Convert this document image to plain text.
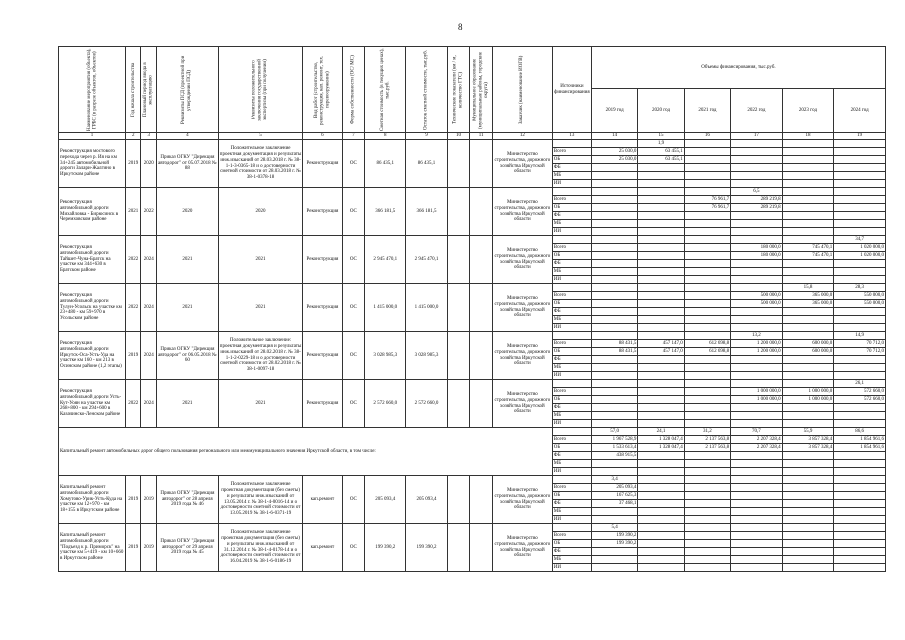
8
Наименование мероприятия (объекта), ГРБС (в разрезе объектов, объектов)	Год начала строительства	Плановый период ввода в эксплуатацию	Реквизиты ПСД (проектной при утверждении ПСД)	Реквизиты положительного заключения государственной экспертизы (при получении)	Вид работ (строительство, реконструкция, кап. ремонт, тех. перевооружение)	Форма собственности (ОС/ МС)	Сметная стоимость (в текущих ценах), тыс.руб.	Остаток сметной стоимости, тыс.руб.	Технические показатели (км / м, количество ГТС)	Муниципальное образование (муниципальные районы, городские округа)	Заказчик (наименование ИОГВ)	Источники финансирования	Объемы финансирования, тыс.руб.					
													2019 год	2020 год	2021 год	2022 год	2023 год	2024 год
1	2	3	4	5	6	7	8	9	10	11	12	13	14	15	16	17	18	19
Реконструкция мостового перехода через р. Ия на км 34+245 автомобильной дороги Залари-Жалгино в Иркутском районе	2019	2020	Приказ ОГКУ "Дирекция автодорог" от 05.07.2018 № 88	Положительное заключение проектная документация и результаты инж.изысканий от 28.03.2018 г. № 38-1-1-3-0365-18 и о достоверности сметной стоимости от 28.03.2018 г. № 38-1-0378-18	Реконструкция	ОС	86 435,1	86 435,1			Министерство строительства, дорожного хозяйства Иркутской области			1,9				
												Всего	25 030,0	63 455,1				
												ОБ	25 030,0	63 455,1				
												ФБ						
												МБ						
												ИИ						
Реконструкция автомобильной дороги Михайловка - Бирюсинск в Черемховском районе	2021	2022	2020	2020	Реконструкция	ОС	366 181,5	366 181,5			Министерство строительства, дорожного хозяйства Иркутской области					6,5		
												Всего			76 961,7	289 219,8		
												ОБ			76 961,7	289 219,8		
												ФБ						
												МБ						
												ИИ						
Реконструкция автомобильной дороги Тайшет-Чуна-Братск на участке км 344+630 в Братском районе	2022	2024	2021	2021	Реконструкция	ОС	2 945 470,1	2 945 470,1			Министерство строительства, дорожного хозяйства Иркутской области							34,7
												Всего				180 000,0	745 470,1	1 020 000,0
												ОБ				180 000,0	745 470,1	1 020 000,0
												ФБ						
												МБ						
												ИИ						
Реконструкция автомобильной дороги Тулун-Усольск на участке км 23+480 - км 59+970 в Усольском районе	2022	2024	2021	2021	Реконструкция	ОС	1 415 000,0	1 415 000,0			Министерство строительства, дорожного хозяйства Иркутской области						15,8	28,3
												Всего				500 000,0	365 000,0	550 000,0
												ОБ				500 000,0	365 000,0	550 000,0
												ФБ						
												МБ						
												ИИ						
Реконструкция автомобильной дороги Иркутск-Оса-Усть-Уда на участке км 160 - км 213 в Осинском районе (1,2 этапы)	2019	2024	Приказ ОГКУ "Дирекция автодорог" от 06.05.2018 № 60	Положительное заключение: проектная документация и результаты инж.изысканий от 28.02.2018 г. № 38-1-1-2-0229-18 и о достоверности сметной стоимости от 28.02.2018 г. № 38-1-0097-18	Реконструкция	ОС	3 028 985,3	3 028 985,3			Министерство строительства, дорожного хозяйства Иркутской области					13,2		14,9
												Всего	88 431,5	457 147,0	612 698,8	1 200 000,0	600 000,0	70 712,0
												ОБ	88 431,5	457 147,0	612 698,8	1 200 000,0	600 000,0	70 712,0
												ФБ						
												МБ						
												ИИ						
Реконструкция автомобильной дороги Усть-Кут-Уоян на участке км 268+800 - км 294+600 в Казачинско-Ленском районе	2022	2024	2021	2021	Реконструкция	ОС	2 572 660,0	2 572 660,0			Министерство строительства, дорожного хозяйства Иркутской области							26,1
												Всего				1 000 000,0	1 000 000,0	572 660,0
												ОБ				1 000 000,0	1 000 000,0	572 660,0
												ФБ						
												МБ						
												ИИ						
Капитальный ремонт автомобильных дорог общего пользования регионального или межмуниципального значения Иркутской области, в том числе:													57,0	24,1	31,2	70,7	55,9	86,6
												Всего	1 967 528,9	1 328 047,4	2 137 563,8	2 207 328,4	3 857 328,4	1 854 961,6
												ОБ	1 533 613,4	1 328 047,4	2 137 563,8	2 207 328,4	3 857 328,4	1 854 961,6
												ФБ	438 915,5					
												МБ						
												ИИ						
Капитальный ремонт автомобильной дороги Хомутово-Урик-Усть-Куда на участке км 12+970 - км 18+155 в Иркутском районе	2019	2019	Приказ ОГКУ "Дирекция автодорог" от 28 апреля 2019 года № 46	Положительное заключение проектная документация (без сметы) и результаты инж.изысканий от 13.05.2014 г. № 38-1-4-0016-14 и о достоверности сметной стоимости от 13.05.2019 № 38-1-6-0371-19	кап.ремонт	ОС	205 093,4	205 093,4			Министерство строительства, дорожного хозяйства Иркутской области		3,4					
												Всего	205 093,4					
												ОБ	167 625,3					
												ФБ	37 468,1					
												МБ						
												ИИ						
Капитальный ремонт автомобильной дороги "Подъезд к р. Приморск" на участке км 5+419 - км 10+660 в Иркутском районе	2019	2019	Приказ ОГКУ "Дирекция автодорог" от 29 апреля 2019 года № 45	Положительное заключение проектная документация (без сметы) и результаты инж.изысканий от 31.12.2014 г. № 38-1-4-0178-14 и о достоверности сметной стоимости от 16.04.2019 № 38-1-6-0186-19	кап.ремонт	ОС	199 390,2	199 390,2			Министерство строительства, дорожного хозяйства Иркутской области		5,4					
												Всего	199 390,2					
												ОБ	199 390,2					
												ФБ						
												МБ						
												ИИ						
